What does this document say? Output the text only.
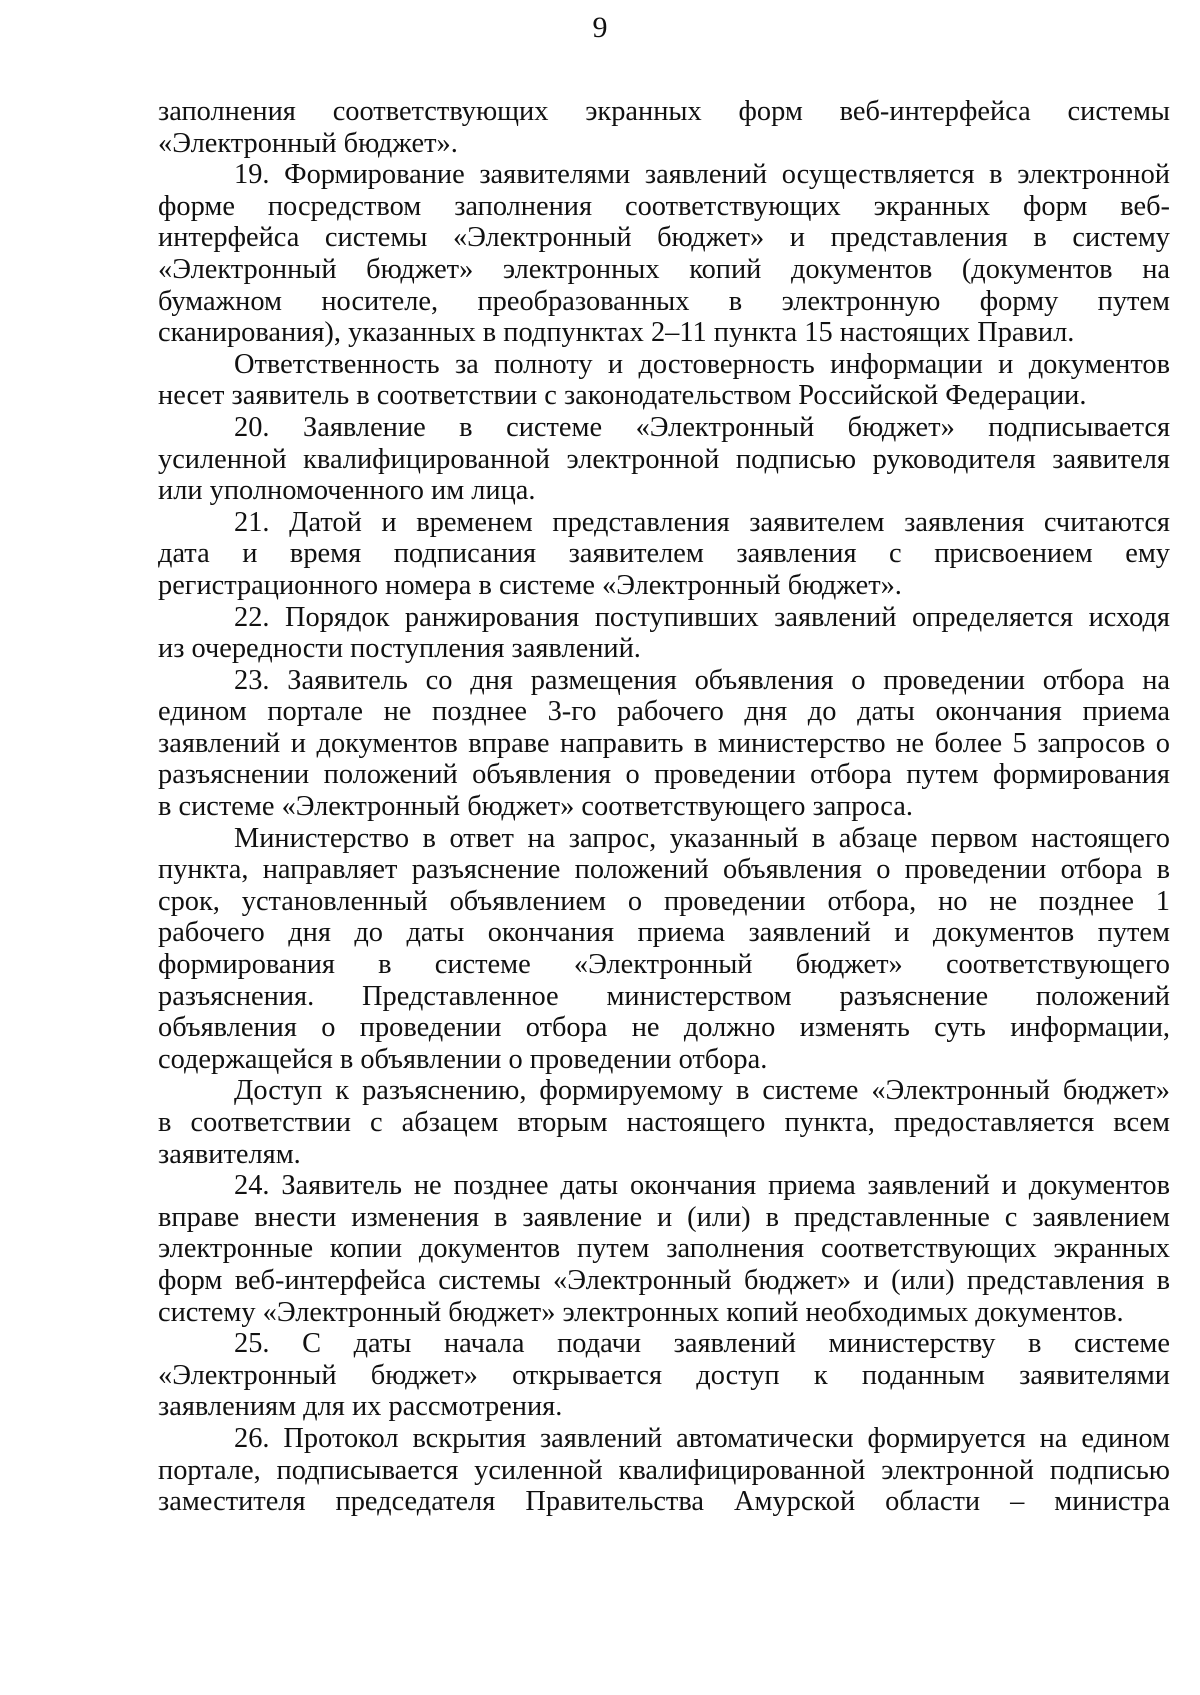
9
заполнения соответствующих экранных форм веб-интерфейса системы
«Электронный бюджет».
19. Формирование заявителями заявлений осуществляется в электронной
форме посредством заполнения соответствующих экранных форм веб-
интерфейса системы «Электронный бюджет» и представления в систему
«Электронный бюджет» электронных копий документов (документов на
бумажном носителе, преобразованных в электронную форму путем
сканирования), указанных в подпунктах 2–11 пункта 15 настоящих Правил.
Ответственность за полноту и достоверность информации и документов
несет заявитель в соответствии с законодательством Российской Федерации.
20. Заявление в системе «Электронный бюджет» подписывается
усиленной квалифицированной электронной подписью руководителя заявителя
или уполномоченного им лица.
21. Датой и временем представления заявителем заявления считаются
дата и время подписания заявителем заявления с присвоением ему
регистрационного номера в системе «Электронный бюджет».
22. Порядок ранжирования поступивших заявлений определяется исходя
из очередности поступления заявлений.
23. Заявитель со дня размещения объявления о проведении отбора на
едином портале не позднее 3-го рабочего дня до даты окончания приема
заявлений и документов вправе направить в министерство не более 5 запросов о
разъяснении положений объявления о проведении отбора путем формирования
в системе «Электронный бюджет» соответствующего запроса.
Министерство в ответ на запрос, указанный в абзаце первом настоящего
пункта, направляет разъяснение положений объявления о проведении отбора в
срок, установленный объявлением о проведении отбора, но не позднее 1
рабочего дня до даты окончания приема заявлений и документов путем
формирования в системе «Электронный бюджет» соответствующего
разъяснения. Представленное министерством разъяснение положений
объявления о проведении отбора не должно изменять суть информации,
содержащейся в объявлении о проведении отбора.
Доступ к разъяснению, формируемому в системе «Электронный бюджет»
в соответствии с абзацем вторым настоящего пункта, предоставляется всем
заявителям.
24. Заявитель не позднее даты окончания приема заявлений и документов
вправе внести изменения в заявление и (или) в представленные с заявлением
электронные копии документов путем заполнения соответствующих экранных
форм веб-интерфейса системы «Электронный бюджет» и (или) представления в
систему «Электронный бюджет» электронных копий необходимых документов.
25. С даты начала подачи заявлений министерству в системе
«Электронный бюджет» открывается доступ к поданным заявителями
заявлениям для их рассмотрения.
26. Протокол вскрытия заявлений автоматически формируется на едином
портале, подписывается усиленной квалифицированной электронной подписью
заместителя председателя Правительства Амурской области – министра
